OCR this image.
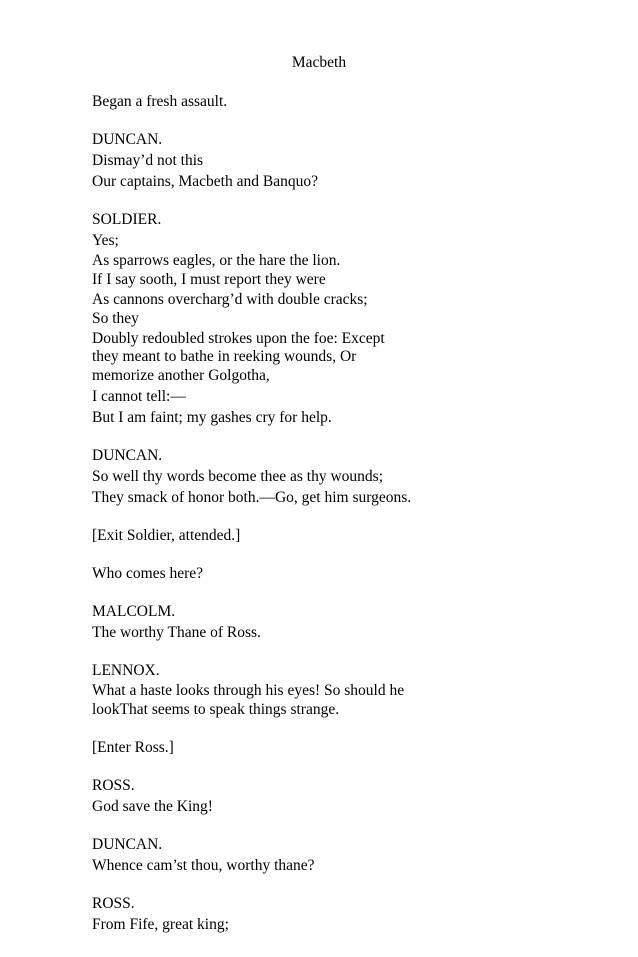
Macbeth

Began a fresh assault.

DUNCAN.

Dismay’d not this

Our captains, Macbeth and Banquo?

SOLDIER.

Yes;

As sparrows eagles, or the hare the lion.

If I say sooth, I must report they were

As cannons overcharg’d with double cracks;

So they

Doubly redoubled strokes upon the foe: Except

they meant to bathe in reeking wounds, Or

memorize another Golgotha,

I cannot tell:—

But I am faint; my gashes cry for help.

DUNCAN.

So well thy words become thee as thy wounds;

They smack of honor both.—Go, get him surgeons.

[Exit Soldier, attended.]

Who comes here?

MALCOLM.

The worthy Thane of Ross.

LENNOX.

What a haste looks through his eyes! So should he

lookThat seems to speak things strange.

[Enter Ross.]

ROSS.

God save the King!

DUNCAN.

Whence cam’st thou, worthy thane?

ROSS.

From Fife, great king;
